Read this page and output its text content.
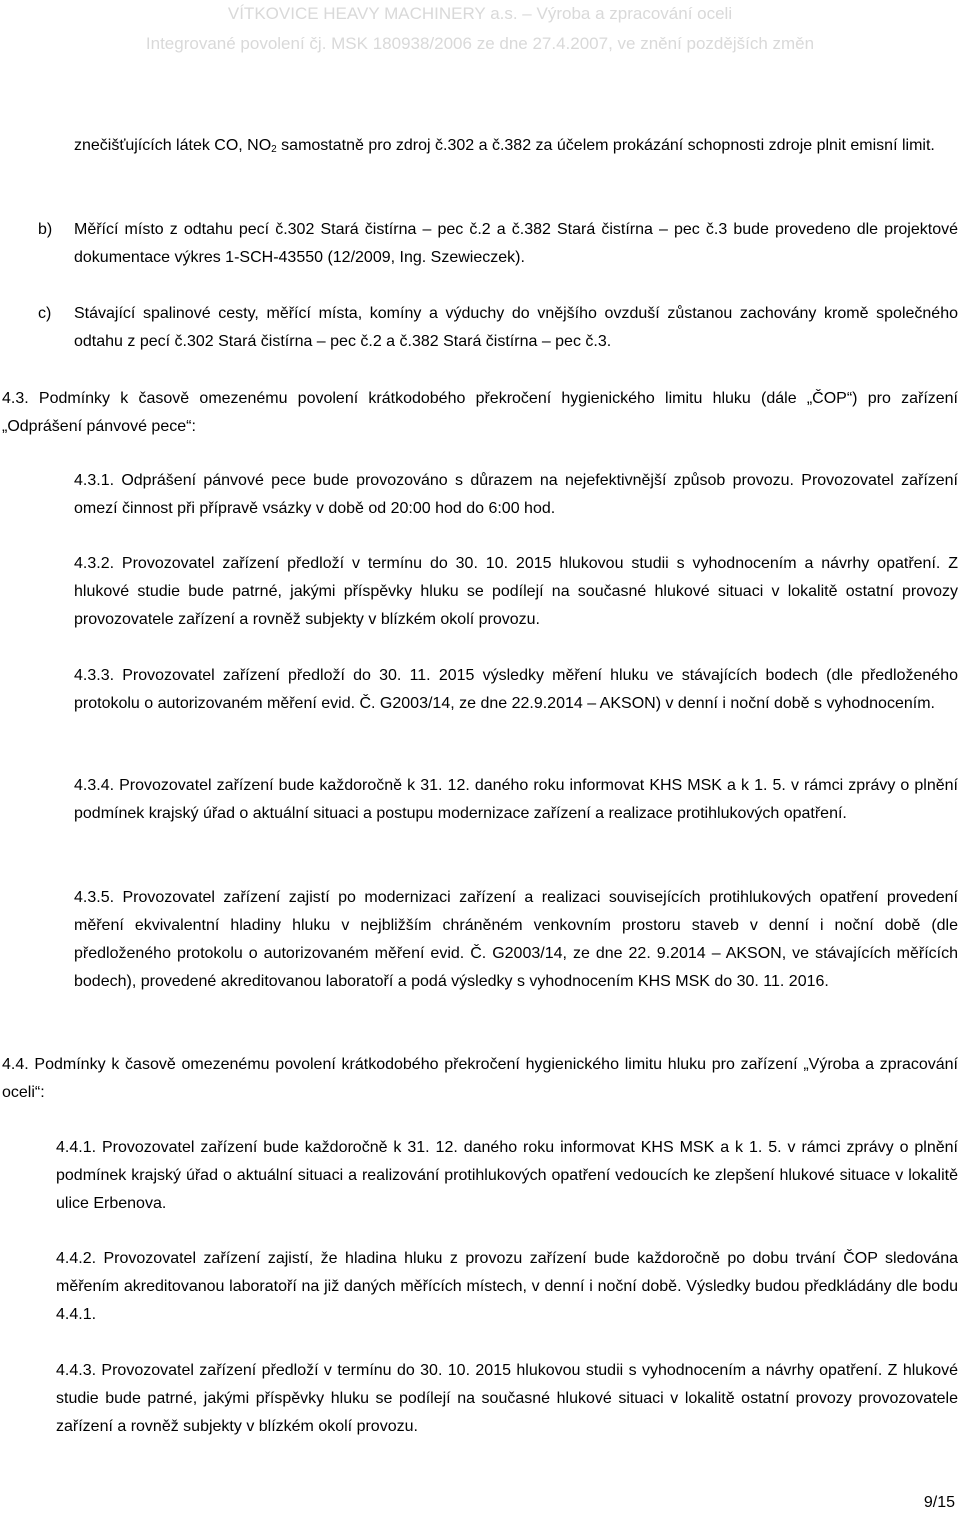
VÍTKOVICE HEAVY MACHINERY a.s. – Výroba a zpracování oceli
Integrované povolení čj. MSK 180938/2006 ze dne 27.4.2007, ve znění pozdějších změn

znečišťujících látek CO, $NO_2$ samostatně pro zdroj č.302 a č.382 za účelem prokázání schopnosti zdroje plnit emisní limit.

b) Měřící místo z odtahu pecí č.302 Stará čistírna – pec č.2 a č.382 Stará čistírna – pec č.3 bude provedeno dle projektové dokumentace výkres 1-SCH-43550 (12/2009, Ing. Szewieczek).

c) Stávající spalinové cesty, měřící místa, komíny a výduchy do vnějšího ovzduší zůstanou zachovány kromě společného odtahu z pecí č.302 Stará čistírna – pec č.2 a č.382 Stará čistírna – pec č.3.

4.3. Podmínky k časově omezenému povolení krátkodobého překročení hygienického limitu hluku (dále „ČOP“) pro zařízení „Odprášení pánvové pece“:

4.3.1. Odprášení pánvové pece bude provozováno s důrazem na nejefektivnější způsob provozu. Provozovatel zařízení omezí činnost při přípravě vsázky v době od 20:00 hod do 6:00 hod.

4.3.2. Provozovatel zařízení předloží v termínu do 30. 10. 2015 hlukovou studii s vyhodnocením a návrhy opatření. Z hlukové studie bude patrné, jakými příspěvky hluku se podílejí na současné hlukové situaci v lokalitě ostatní provozy provozovatele zařízení a rovněž subjekty v blízkém okolí provozu.

4.3.3. Provozovatel zařízení předloží do 30. 11. 2015 výsledky měření hluku ve stávajících bodech (dle předloženého protokolu o autorizovaném měření evid. Č. G2003/14, ze dne 22.9.2014 – AKSON) v denní i noční době s vyhodnocením.

4.3.4. Provozovatel zařízení bude každoročně k 31. 12. daného roku informovat KHS MSK a k 1. 5. v rámci zprávy o plnění podmínek krajský úřad o aktuální situaci a postupu modernizace zařízení a realizace protihlukových opatření.

4.3.5. Provozovatel zařízení zajistí po modernizaci zařízení a realizaci souvisejících protihlukových opatření provedení měření ekvivalentní hladiny hluku v nejbližším chráněném venkovním prostoru staveb v denní i noční době (dle předloženého protokolu o autorizovaném měření evid. Č. G2003/14, ze dne 22. 9.2014 – AKSON, ve stávajících měřících bodech), provedené akreditovanou laboratoří a podá výsledky s vyhodnocením KHS MSK do 30. 11. 2016.

4.4. Podmínky k časově omezenému povolení krátkodobého překročení hygienického limitu hluku pro zařízení „Výroba a zpracování oceli“:

4.4.1. Provozovatel zařízení bude každoročně k 31. 12. daného roku informovat KHS MSK a k 1. 5. v rámci zprávy o plnění podmínek krajský úřad o aktuální situaci a realizování protihlukových opatření vedoucích ke zlepšení hlukové situace v lokalitě ulice Erbenova.

4.4.2. Provozovatel zařízení zajistí, že hladina hluku z provozu zařízení bude každoročně po dobu trvání ČOP sledována měřením akreditovanou laboratoří na již daných měřících místech, v denní i noční době. Výsledky budou předkládány dle bodu 4.4.1.

4.4.3. Provozovatel zařízení předloží v termínu do 30. 10. 2015 hlukovou studii s vyhodnocením a návrhy opatření. Z hlukové studie bude patrné, jakými příspěvky hluku se podílejí na současné hlukové situaci v lokalitě ostatní provozy provozovatele zařízení a rovněž subjekty v blízkém okolí provozu.

9/15
